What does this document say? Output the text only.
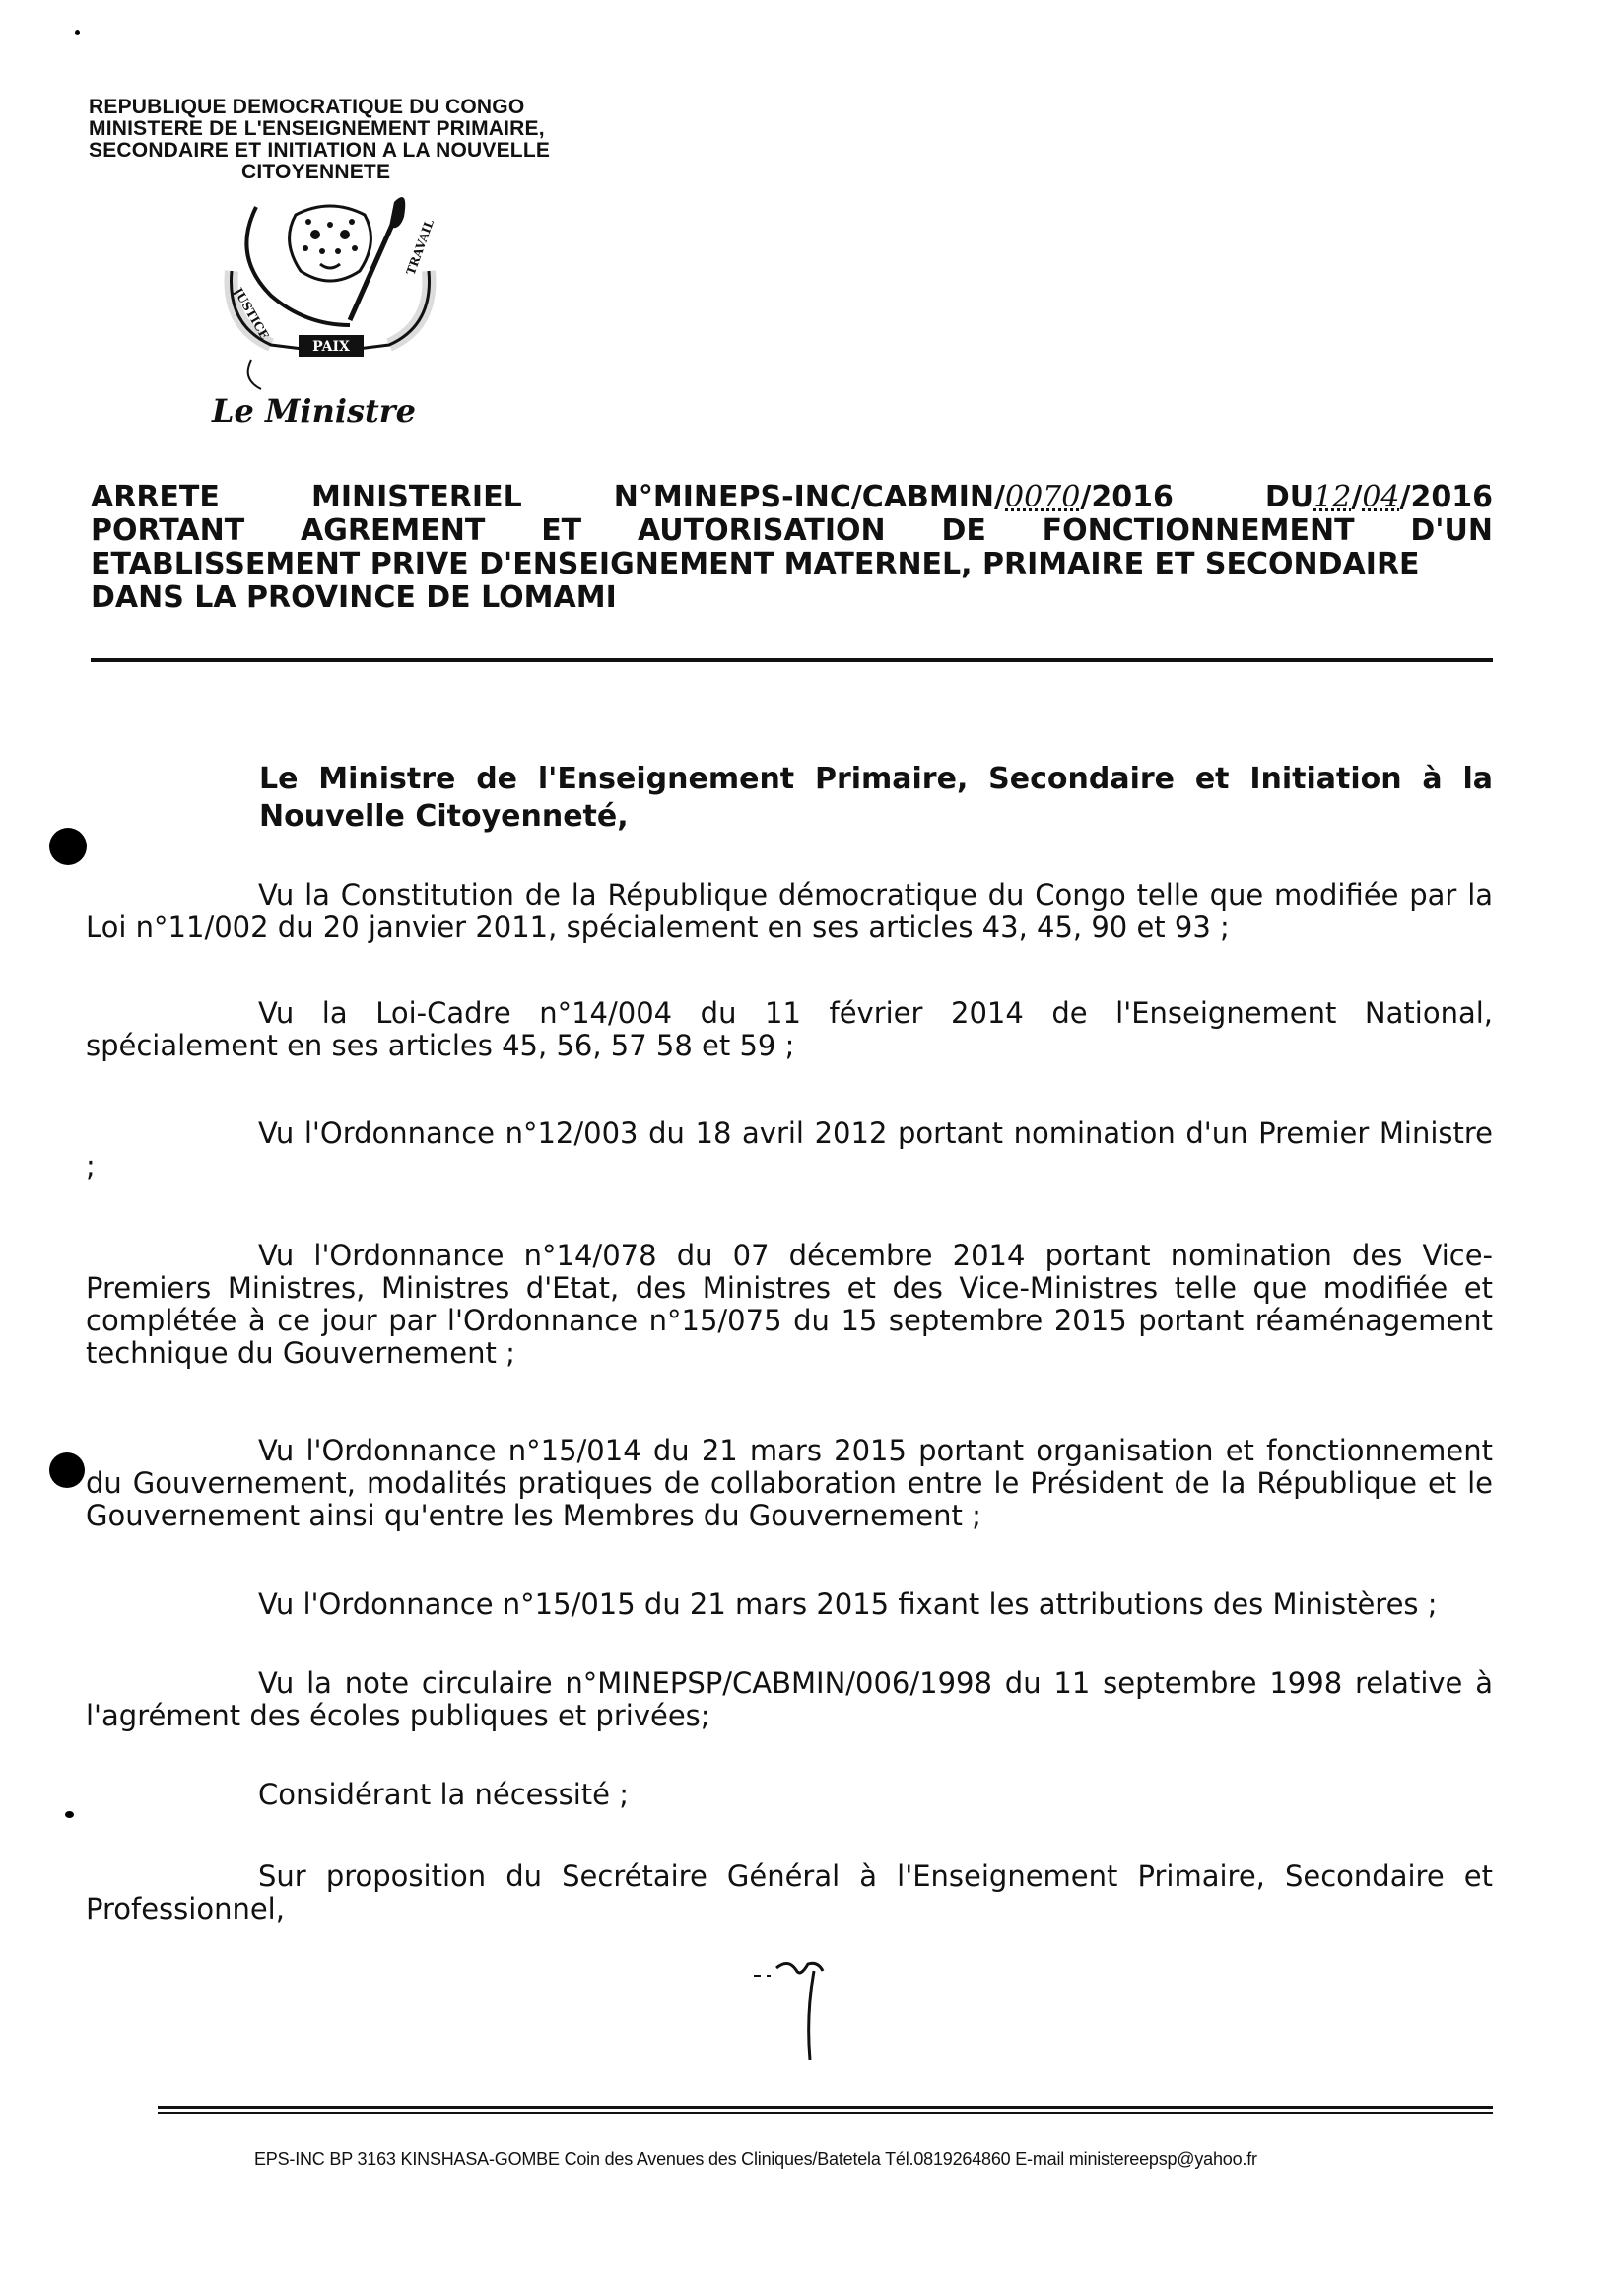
REPUBLIQUE DEMOCRATIQUE DU CONGO
MINISTERE DE L'ENSEIGNEMENT PRIMAIRE,
SECONDAIRE ET INITIATION A LA NOUVELLE
CITOYENNETE
PAIX
JUSTICE
TRAVAIL
Le Ministre
ARRETE	MINISTERIEL	N°MINEPS-INC/CABMIN/0070/2016	DU12/04/2016
PORTANT AGREMENT ET AUTORISATION DE FONCTIONNEMENT D'UN
ETABLISSEMENT PRIVE D'ENSEIGNEMENT MATERNEL, PRIMAIRE ET SECONDAIRE
DANS LA PROVINCE DE LOMAMI
Le Ministre de l'Enseignement Primaire, Secondaire et Initiation à la Nouvelle Citoyenneté,
Vu la Constitution de la République démocratique du Congo telle que modifiée par la Loi n°11/002 du 20 janvier 2011, spécialement en ses articles 43, 45, 90 et 93 ;
Vu la Loi-Cadre n°14/004 du 11 février 2014 de l'Enseignement National, spécialement en ses articles 45, 56, 57 58 et 59 ;
Vu l'Ordonnance n°12/003 du 18 avril 2012 portant nomination d'un Premier Ministre ;
Vu l'Ordonnance n°14/078 du 07 décembre 2014 portant nomination des Vice-Premiers Ministres, Ministres d'Etat, des Ministres et des Vice-Ministres telle que modifiée et complétée à ce jour par l'Ordonnance n°15/075 du 15 septembre 2015 portant réaménagement technique du Gouvernement ;
Vu l'Ordonnance n°15/014 du 21 mars 2015 portant organisation et fonctionnement du Gouvernement, modalités pratiques de collaboration entre le Président de la République et le Gouvernement ainsi qu'entre les Membres du Gouvernement ;
Vu l'Ordonnance n°15/015 du 21 mars 2015 fixant les attributions des Ministères ;
Vu la note circulaire n°MINEPSP/CABMIN/006/1998 du 11 septembre 1998 relative à l'agrément des écoles publiques et privées;
Considérant la nécessité ;
Sur proposition du Secrétaire Général à l'Enseignement Primaire, Secondaire et Professionnel,
EPS-INC BP 3163 KINSHASA-GOMBE Coin des Avenues des Cliniques/Batetela Tél.0819264860 E-mail ministereepsp@yahoo.fr
